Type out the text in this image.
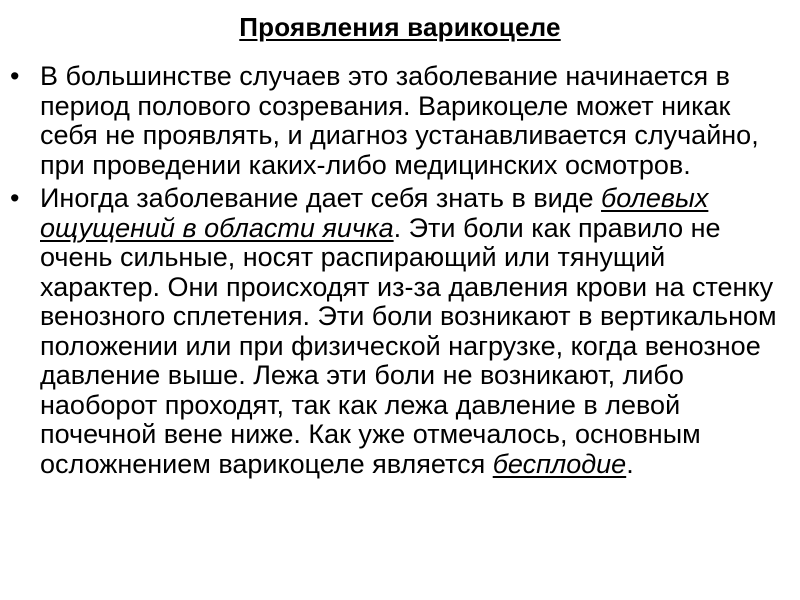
Проявления варикоцеле
• В большинстве случаев это заболевание начинается в период полового созревания. Варикоцеле может никак себя не проявлять, и диагноз устанавливается случайно, при проведении каких-либо медицинских осмотров.
• Иногда заболевание дает себя знать в виде болевых ощущений в области яичка. Эти боли как правило не очень сильные, носят распирающий или тянущий характер. Они происходят из-за давления крови на стенку венозного сплетения. Эти боли возникают в вертикальном положении или при физической нагрузке, когда венозное давление выше. Лежа эти боли не возникают, либо наоборот проходят, так как лежа давление в левой почечной вене ниже. Как уже отмечалось, основным осложнением варикоцеле является бесплодие.
